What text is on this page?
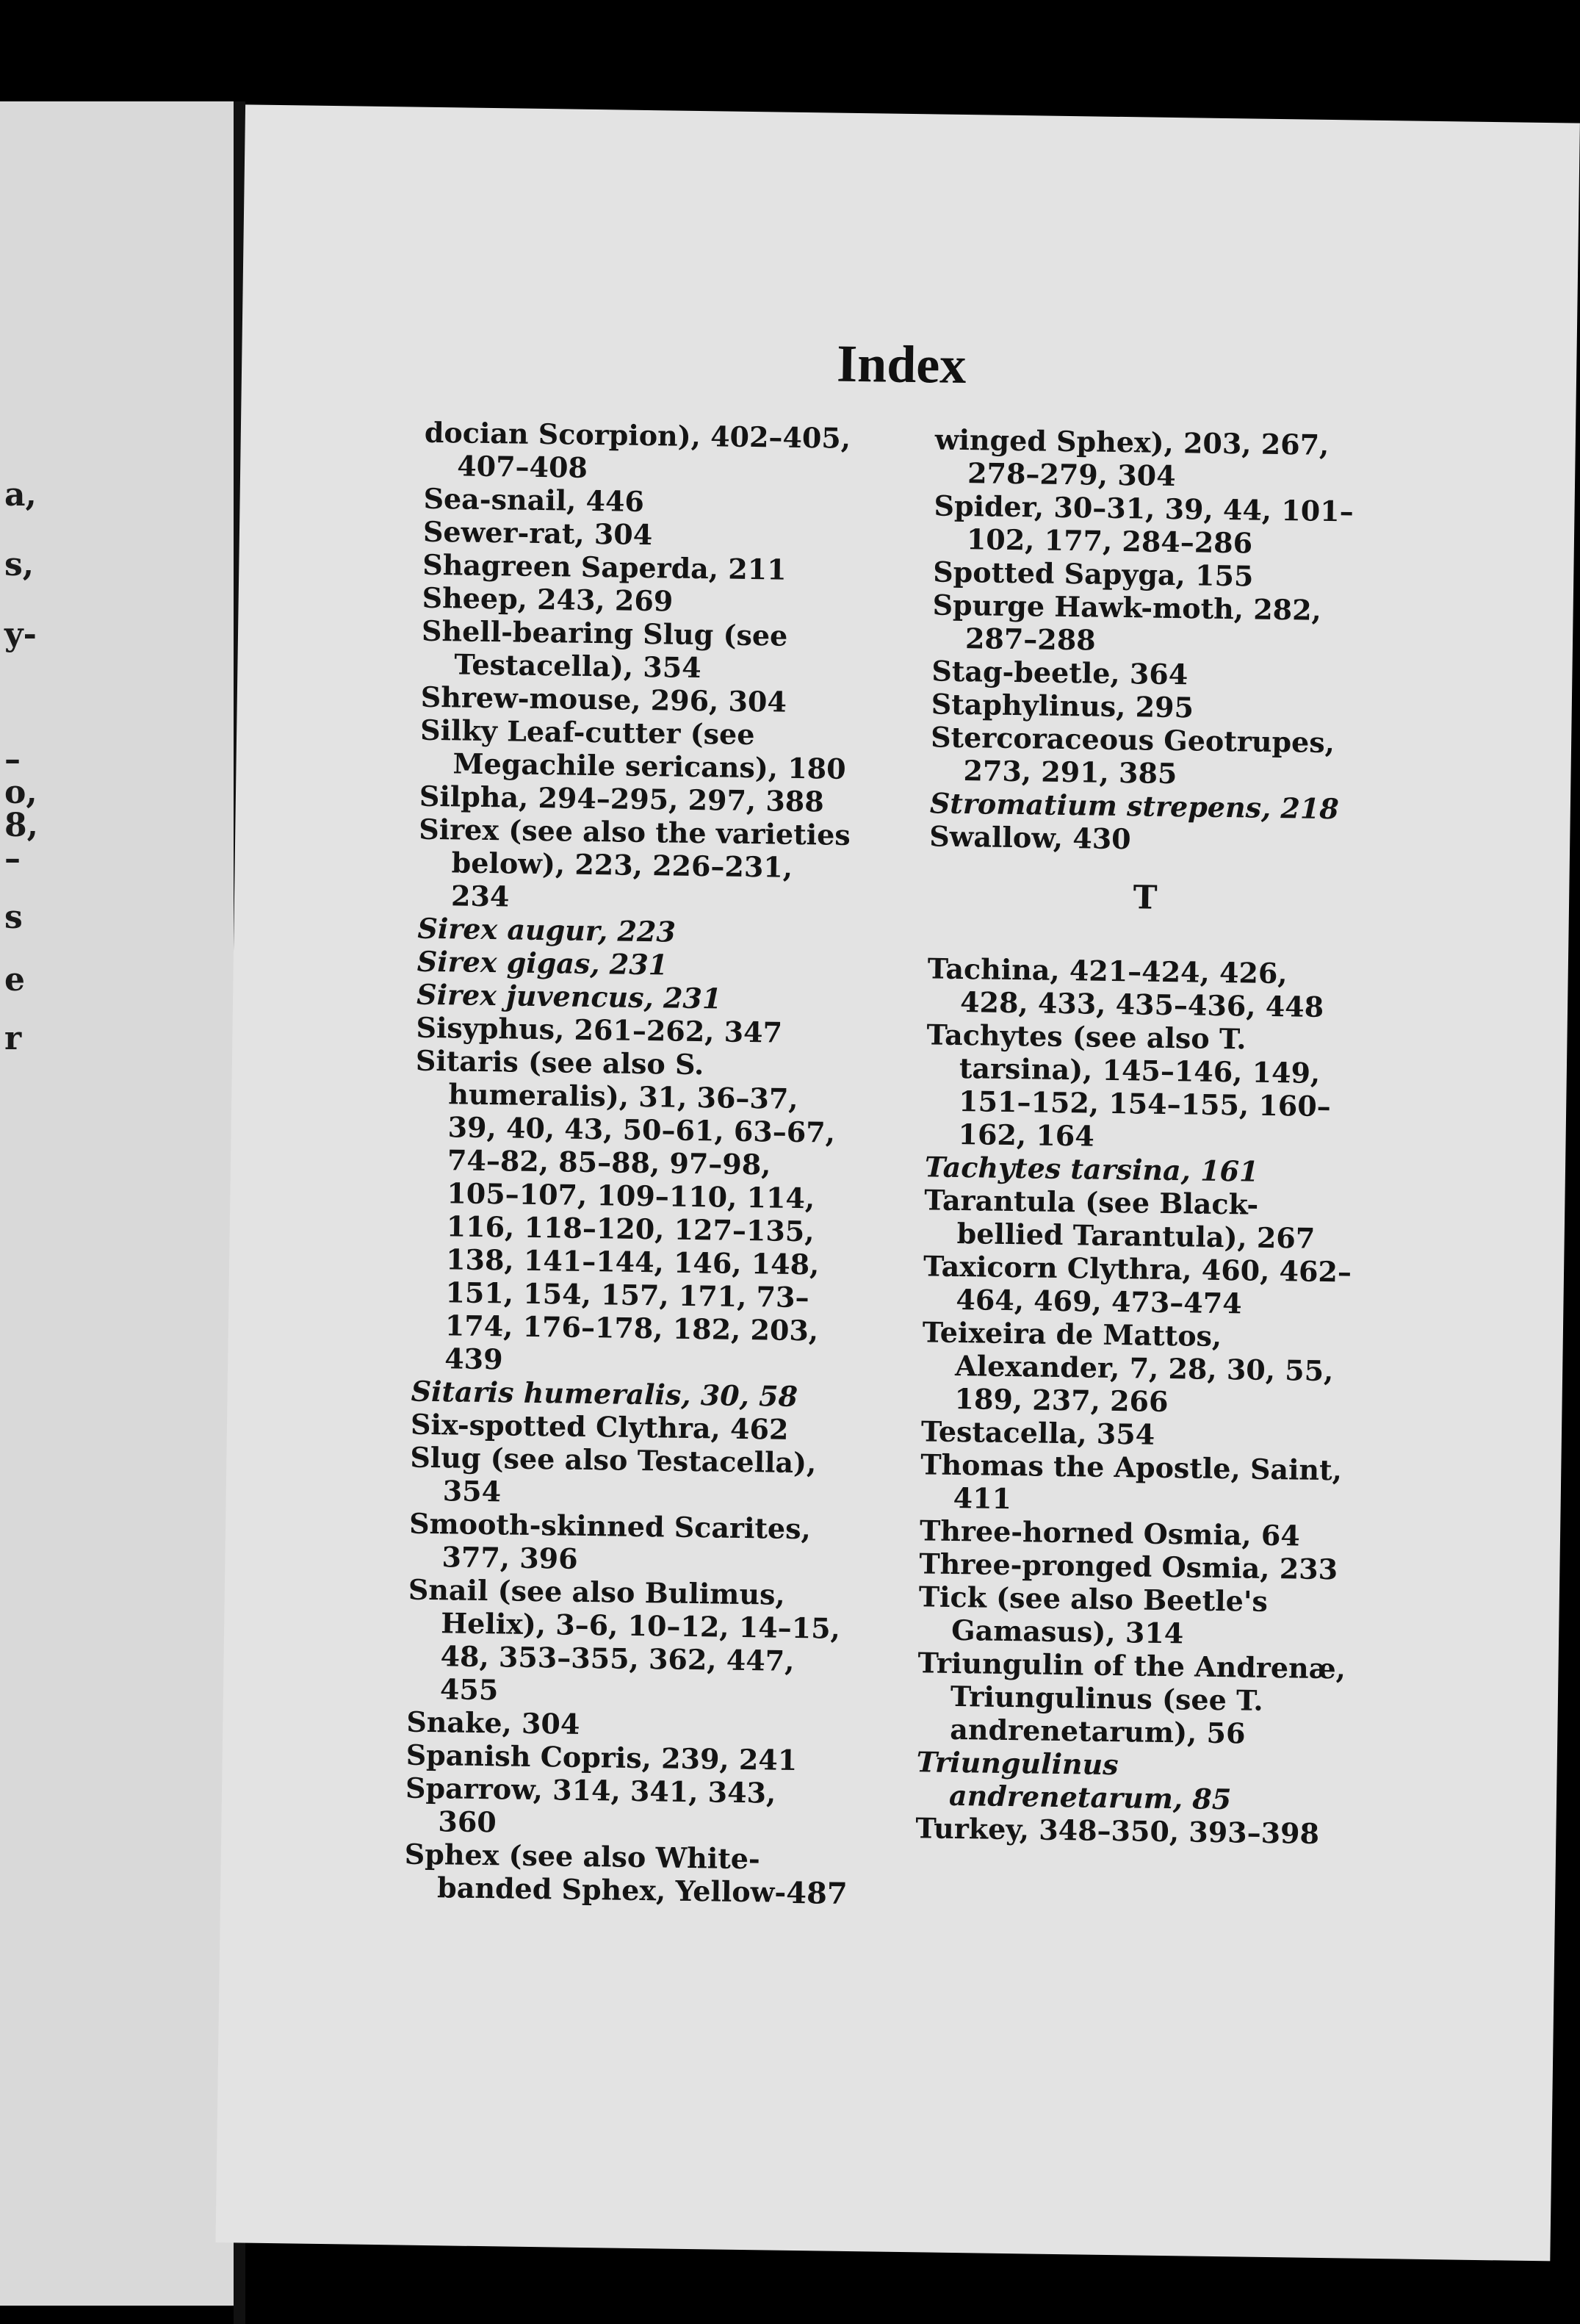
a,
s,
y-
–
o,
8,
–
s
e
r
Index

docian Scorpion), 402–405, 407–408

Sea-snail, 446

Sewer-rat, 304

Shagreen Saperda, 211

Sheep, 243, 269

Shell-bearing Slug (see Testacella), 354

Shrew-mouse, 296, 304

Silky Leaf-cutter (see Megachile sericans), 180

Silpha, 294–295, 297, 388

Sirex (see also the varieties below), 223, 226–231, 234

Sirex augur, 223

Sirex gigas, 231

Sirex juvencus, 231

Sisyphus, 261–262, 347

Sitaris (see also S. humeralis), 31, 36–37, 39, 40, 43, 50–61, 63–67, 74–82, 85–88, 97–98, 105–107, 109–110, 114, 116, 118–120, 127–135, 138, 141–144, 146, 148, 151, 154, 157, 171, 73–174, 176–178, 182, 203, 439

Sitaris humeralis, 30, 58

Six-spotted Clythra, 462

Slug (see also Testacella), 354

Smooth-skinned Scarites, 377, 396

Snail (see also Bulimus, Helix), 3–6, 10–12, 14–15, 48, 353–355, 362, 447, 455

Snake, 304

Spanish Copris, 239, 241

Sparrow, 314, 341, 343, 360

Sphex (see also White-banded Sphex, Yellow-

winged Sphex), 203, 267, 278–279, 304

Spider, 30–31, 39, 44, 101–102, 177, 284–286

Spotted Sapyga, 155

Spurge Hawk-moth, 282, 287–288

Stag-beetle, 364

Staphylinus, 295

Stercoraceous Geotrupes, 273, 291, 385

Stromatium strepens, 218

Swallow, 430

T

Tachina, 421–424, 426, 428, 433, 435–436, 448

Tachytes (see also T. tarsina), 145–146, 149, 151–152, 154–155, 160–162, 164

Tachytes tarsina, 161

Tarantula (see Black-bellied Tarantula), 267

Taxicorn Clythra, 460, 462–464, 469, 473–474

Teixeira de Mattos, Alexander, 7, 28, 30, 55, 189, 237, 266

Testacella, 354

Thomas the Apostle, Saint, 411

Three-horned Osmia, 64

Three-pronged Osmia, 233

Tick (see also Beetle's Gamasus), 314

Triungulin of the Andrenæ, Triungulinus (see T. andrenetarum), 56

Triungulinus andrenetarum, 85

Turkey, 348–350, 393–398

487
